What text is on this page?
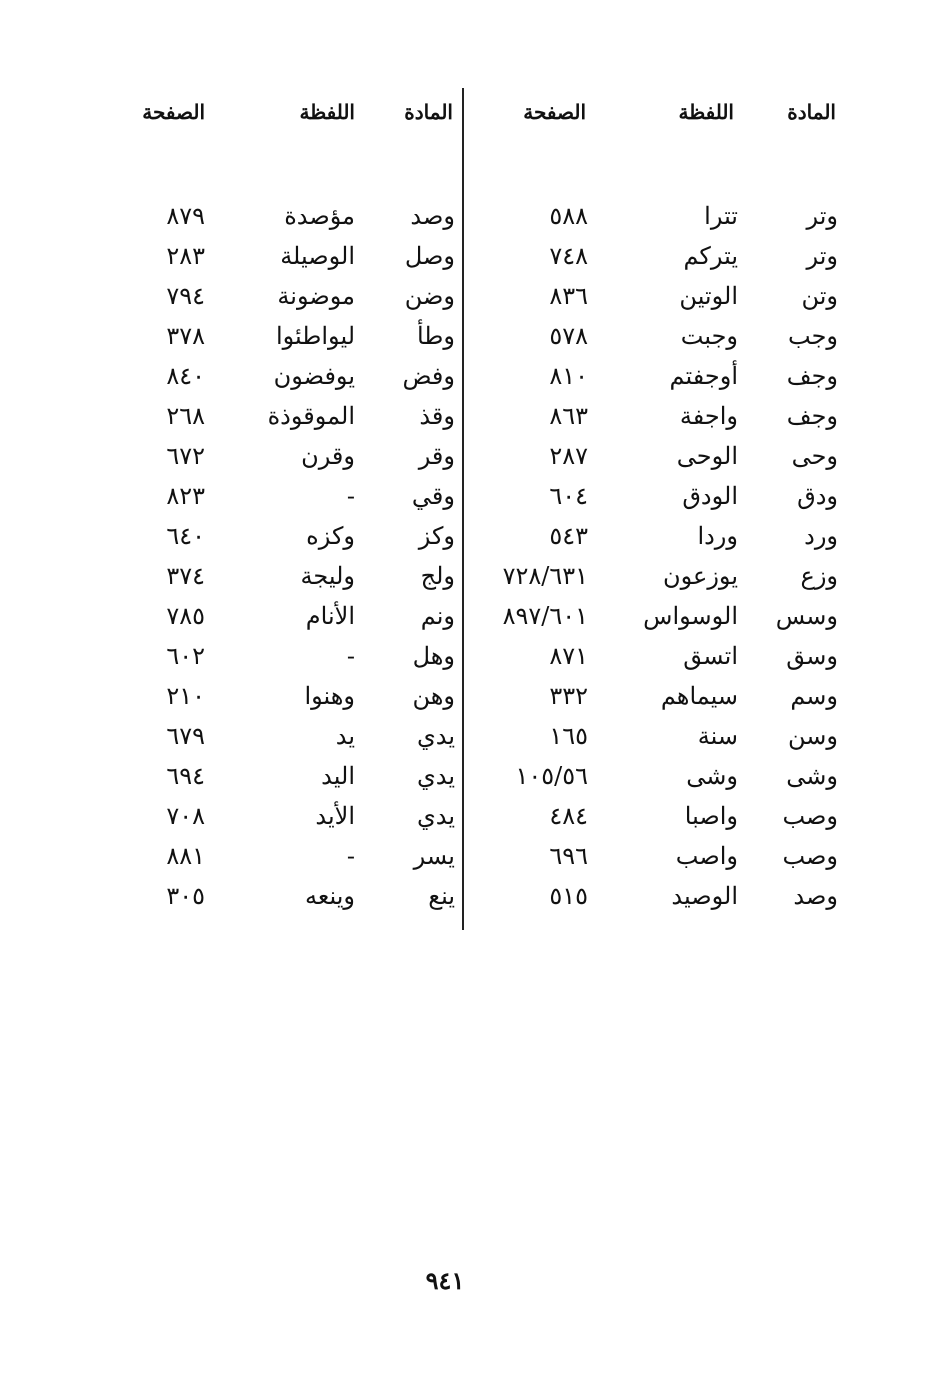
المادة
اللفظة
الصفحة
وتر
تترا
٥٨٨
وتر
يتركم
٧٤٨
وتن
الوتين
٨٣٦
وجب
وجبت
٥٧٨
وجف
أوجفتم
٨١٠
وجف
واجفة
٨٦٣
وحى
الوحى
٢٨٧
ودق
الودق
٦٠٤
ورد
وردا
٥٤٣
وزع
يوزعون
٧٢٨/٦٣١
وسس
الوسواس
٨٩٧/٦٠١
وسق
اتسق
٨٧١
وسم
سيماهم
٣٣٢
وسن
سنة
١٦٥
وشى
وشى
١٠٥/٥٦
وصب
واصبا
٤٨٤
وصب
واصب
٦٩٦
وصد
الوصيد
٥١٥
المادة
اللفظة
الصفحة
وصد
مؤصدة
٨٧٩
وصل
الوصيلة
٢٨٣
وضن
موضونة
٧٩٤
وطأ
ليواطئوا
٣٧٨
وفض
يوفضون
٨٤٠
وقذ
الموقوذة
٢٦٨
وقر
وقرن
٦٧٢
وقي
-
٨٢٣
وكز
وكزه
٦٤٠
ولج
وليجة
٣٧٤
ونم
الأنام
٧٨٥
وهل
-
٦٠٢
وهن
وهنوا
٢١٠
يدي
يد
٦٧٩
يدي
اليد
٦٩٤
يدي
الأيد
٧٠٨
يسر
-
٨٨١
ينع
وينعه
٣٠٥
٩٤١
